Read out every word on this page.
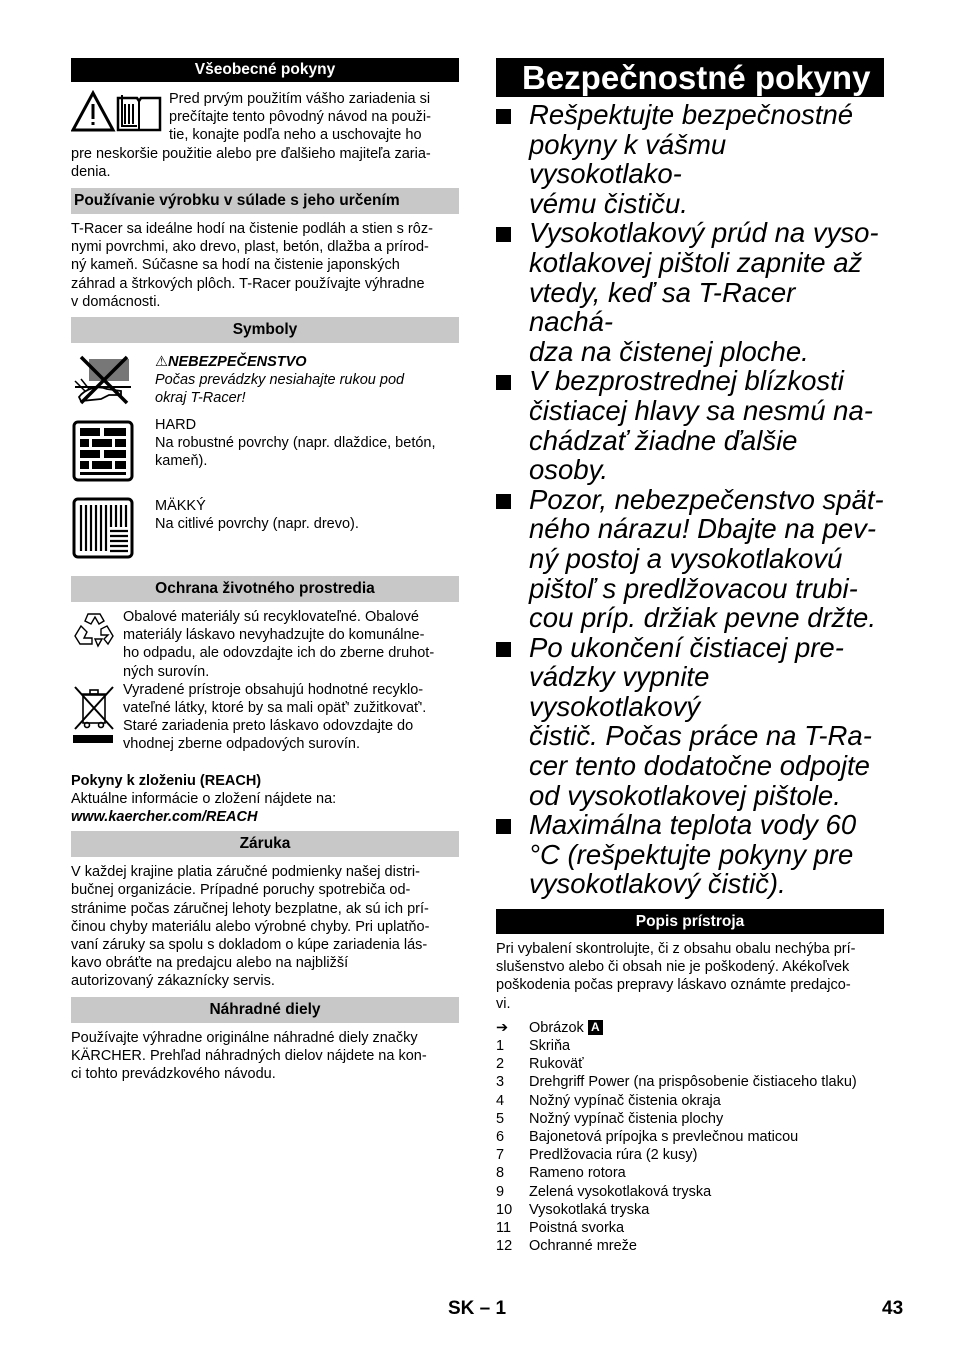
Všeobecné pokyny
Pred prvým použitím vášho zariadenia si
prečítajte tento pôvodný návod na použi-
tie, konajte podľa neho a uschovajte ho
pre neskoršie použitie alebo pre ďalšieho majiteľa zaria-
denia.
Používanie výrobku v súlade s jeho určením
T-Racer sa ideálne hodí na čistenie podláh a stien s rôz-
nymi povrchmi, ako drevo, plast, betón, dlažba a prírod-
ný kameň. Súčasne sa hodí na čistenie japonských
záhrad a štrkových plôch. T-Racer používajte výhradne
v domácnosti.
Symboly
⚠NEBEZPEČENSTVO
Počas prevádzky nesiahajte rukou pod
okraj T-Racer!
HARD
Na robustné povrchy (napr. dlaždice, betón,
kameň).
MÄKKÝ
Na citlivé povrchy (napr. drevo).
Ochrana životného prostredia
Obalové materiály sú recyklovateľné. Obalové
materiály láskavo nevyhadzujte do komunálne-
ho odpadu, ale odovzdajte ich do zberne druhot-
ných surovín.
Vyradené prístroje obsahujú hodnotné recyklo-
vateľné látky, ktoré by sa mali opäť' zužitkovať'.
Staré zariadenia preto láskavo odovzdajte do
vhodnej zberne odpadových surovín.
Pokyny k zloženiu (REACH)
Aktuálne informácie o zložení nájdete na:
www.kaercher.com/REACH
Záruka
V každej krajine platia záručné podmienky našej distri-
bučnej organizácie. Prípadné poruchy spotrebiča od-
stránime počas záručnej lehoty bezplatne, ak sú ich prí-
činou chyby materiálu alebo výrobné chyby. Pri uplatňo-
vaní záruky sa spolu s dokladom o kúpe zariadenia lás-
kavo obráťte na predajcu alebo na najbližší
autorizovaný zákaznícky servis.
Náhradné diely
Používajte výhradne originálne náhradné diely značky
KÄRCHER. Prehľad náhradných dielov nájdete na kon-
ci tohto prevádzkového návodu.
Bezpečnostné pokyny
Rešpektujte bezpečnostné
pokyny k vášmu vysokotlako-
vému čističu.
Vysokotlakový prúd na vyso-
kotlakovej pištoli zapnite až
vtedy, keď sa T-Racer nachá-
dza na čistenej ploche.
V bezprostrednej blízkosti
čistiacej hlavy sa nesmú na-
chádzať žiadne ďalšie osoby.
Pozor, nebezpečenstvo spät-
ného nárazu! Dbajte na pev-
ný postoj a vysokotlakovú
pištoľ s predlžovacou trubi-
cou príp. držiak pevne držte.
Po ukončení čistiacej pre-
vádzky vypnite vysokotlakový
čistič. Počas práce na T-Ra-
cer tento dodatočne odpojte
od vysokotlakovej pištole.
Maximálna teplota vody 60
°C (rešpektujte pokyny pre
vysokotlakový čistič).
Popis prístroja
Pri vybalení skontrolujte, či z obsahu obalu nechýba prí-
slušenstvo alebo či obsah nie je poškodený. Akékoľvek
poškodenia počas prepravy láskavo oznámte predajco-
vi.
➔	Obrázok A
1	Skriňa
2	Rukoväť
3	Drehgriff Power (na prispôsobenie čistiaceho tlaku)
4	Nožný vypínač čistenia okraja
5	Nožný vypínač čistenia plochy
6	Bajonetová prípojka s prevlečnou maticou
7	Predlžovacia rúra (2 kusy)
8	Rameno rotora
9	Zelená vysokotlaková tryska
10	Vysokotlaká tryska
11	Poistná svorka
12	Ochranné mreže
SK – 1	43
